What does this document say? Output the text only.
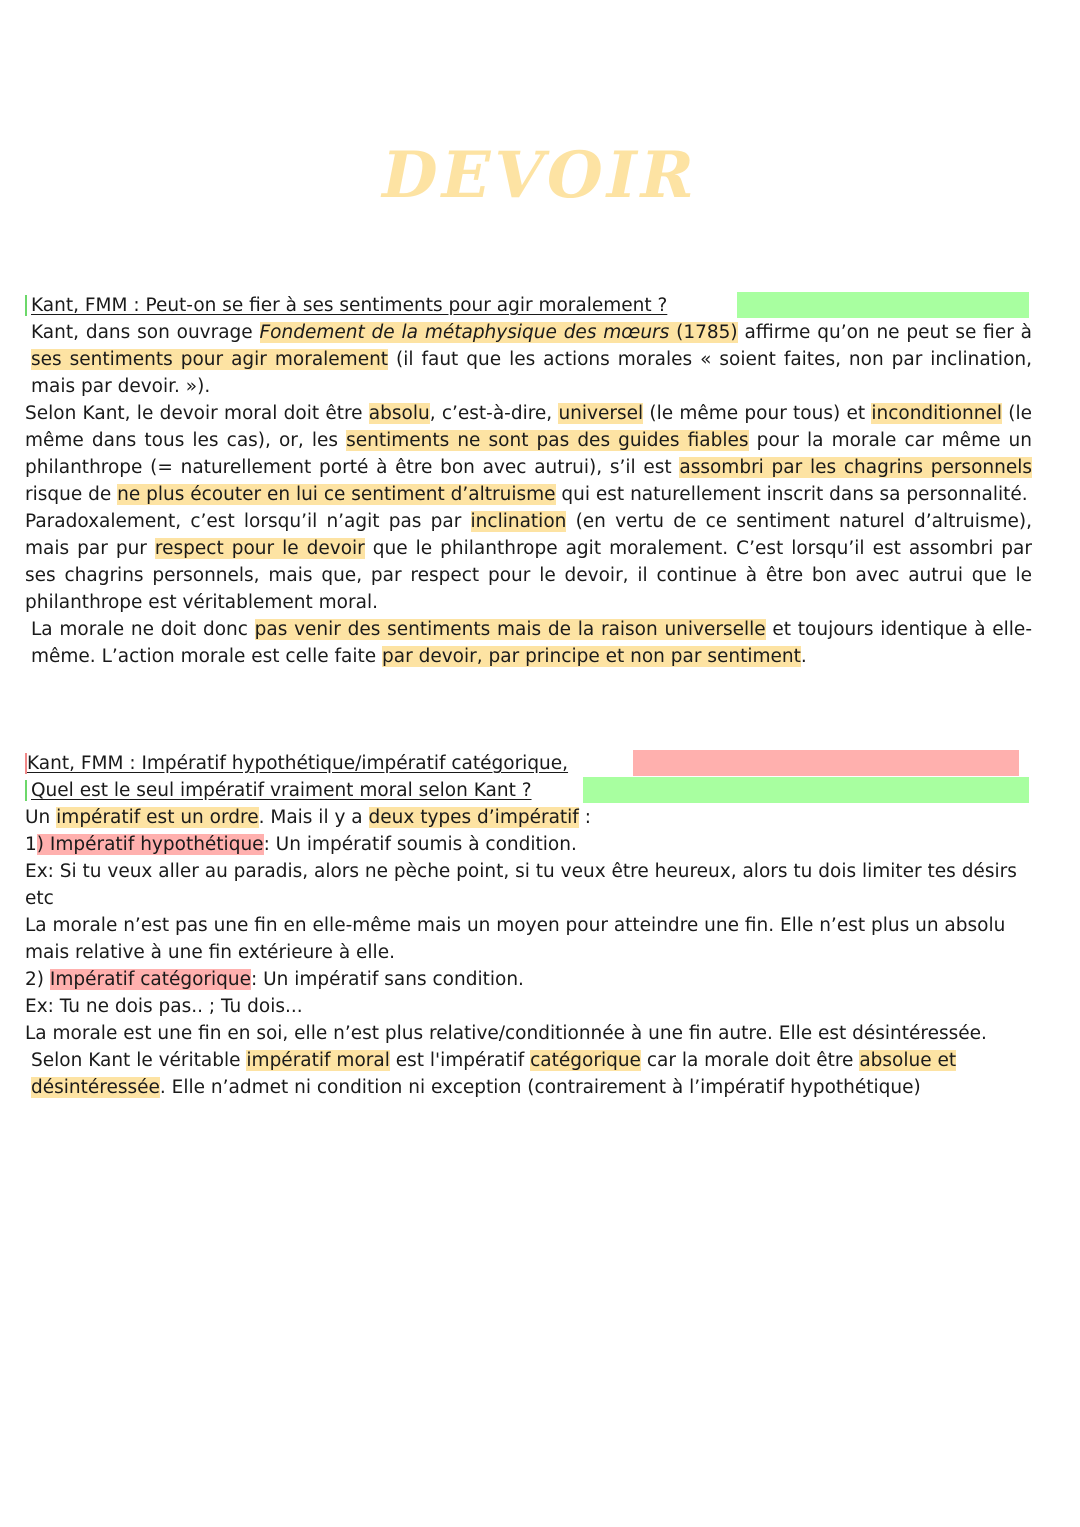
DEVOIR
Kant, FMM : Peut-on se fier à ses sentiments pour agir moralement ?

Kant, dans son ouvrage Fondement de la métaphysique des mœurs (1785) affirme qu’on ne peut se fier à ses sentiments pour agir moralement (il faut que les actions morales « soient faites, non par inclination, mais par devoir. »).

Selon Kant, le devoir moral doit être absolu, c’est-à-dire, universel (le même pour tous) et inconditionnel (le même dans tous les cas), or, les sentiments ne sont pas des guides fiables pour la morale car même un philanthrope (= naturellement porté à être bon avec autrui), s’il est assombri par les chagrins personnels risque de ne plus écouter en lui ce sentiment d’altruisme qui est naturellement inscrit dans sa personnalité.

Paradoxalement, c’est lorsqu’il n’agit pas par inclination (en vertu de ce sentiment naturel d’altruisme), mais par pur respect pour le devoir que le philanthrope agit moralement. C’est lorsqu’il est assombri par ses chagrins personnels, mais que, par respect pour le devoir, il continue à être bon avec autrui que le philanthrope est véritablement moral.

La morale ne doit donc pas venir des sentiments mais de la raison universelle et toujours identique à elle-même. L’action morale est celle faite par devoir, par principe et non par sentiment.

Kant, FMM : Impératif hypothétique/impératif catégorique,
Quel est le seul impératif vraiment moral selon Kant ?

Un impératif est un ordre. Mais il y a deux types d’impératif :

1) Impératif hypothétique: Un impératif soumis à condition.

Ex: Si tu veux aller au paradis, alors ne pèche point, si tu veux être heureux, alors tu dois limiter tes désirs etc

La morale n’est pas une fin en elle-même mais un moyen pour atteindre une fin. Elle n’est plus un absolu mais relative à une fin extérieure à elle.

2) Impératif catégorique: Un impératif sans condition.

Ex: Tu ne dois pas.. ; Tu dois...

La morale est une fin en soi, elle n’est plus relative/conditionnée à une fin autre. Elle est désintéressée.

Selon Kant le véritable impératif moral est l'impératif catégorique car la morale doit être absolue et désintéressée. Elle n’admet ni condition ni exception (contrairement à l’impératif hypothétique)
